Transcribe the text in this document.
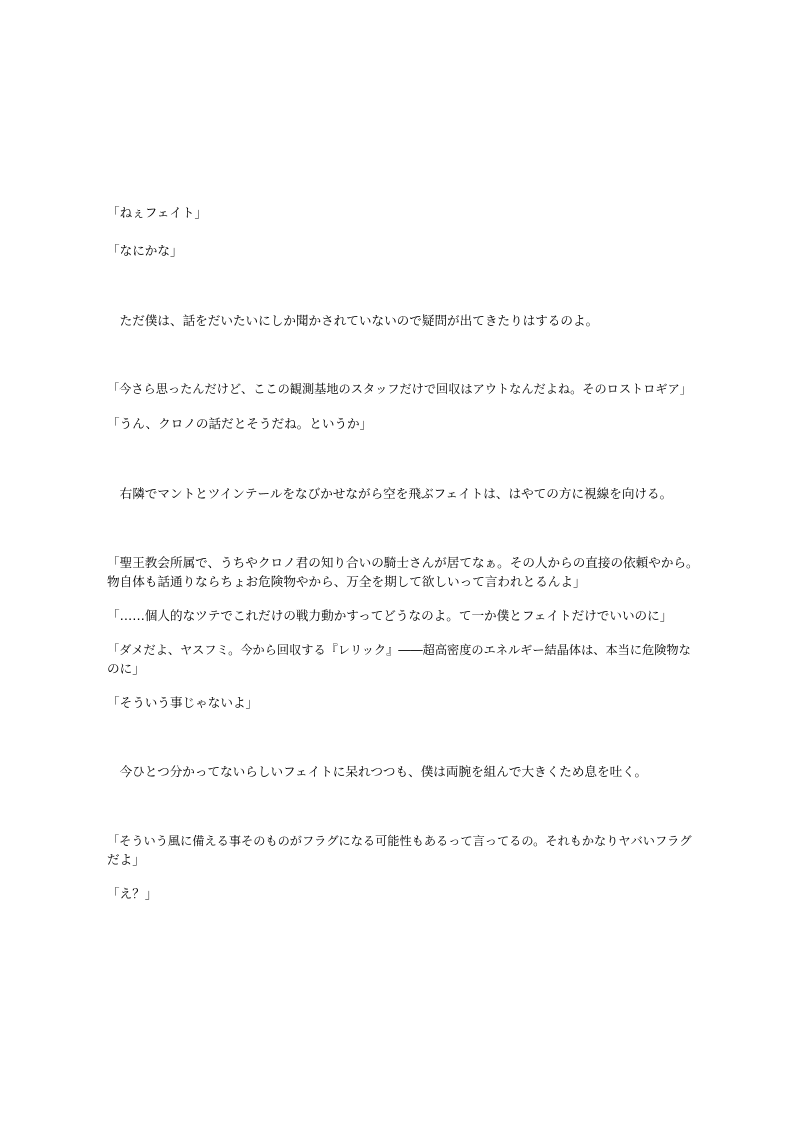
「ねぇフェイト」
「なにかな」
　ただ僕は、話をだいたいにしか聞かされていないので疑問が出てきたりはするのよ。
「今さら思ったんだけど、ここの観測基地のスタッフだけで回収はアウトなんだよね。そのロストロギア」
「うん、クロノの話だとそうだね。というか」
　右隣でマントとツインテールをなびかせながら空を飛ぶフェイトは、はやての方に視線を向ける。
「聖王教会所属で、うちやクロノ君の知り合いの騎士さんが居てなぁ。その人からの直接の依頼やから。
物自体も話通りならちょお危険物やから、万全を期して欲しいって言われとるんよ」
「……個人的なツテでこれだけの戦力動かすってどうなのよ。て一か僕とフェイトだけでいいのに」
「ダメだよ、ヤスフミ。今から回収する『レリック』――超高密度のエネルギー結晶体は、本当に危険物な
のに」
「そういう事じゃないよ」
　今ひとつ分かってないらしいフェイトに呆れつつも、僕は両腕を組んで大きくため息を吐く。
「そういう風に備える事そのものがフラグになる可能性もあるって言ってるの。それもかなりヤバいフラグ
だよ」
「え？」
